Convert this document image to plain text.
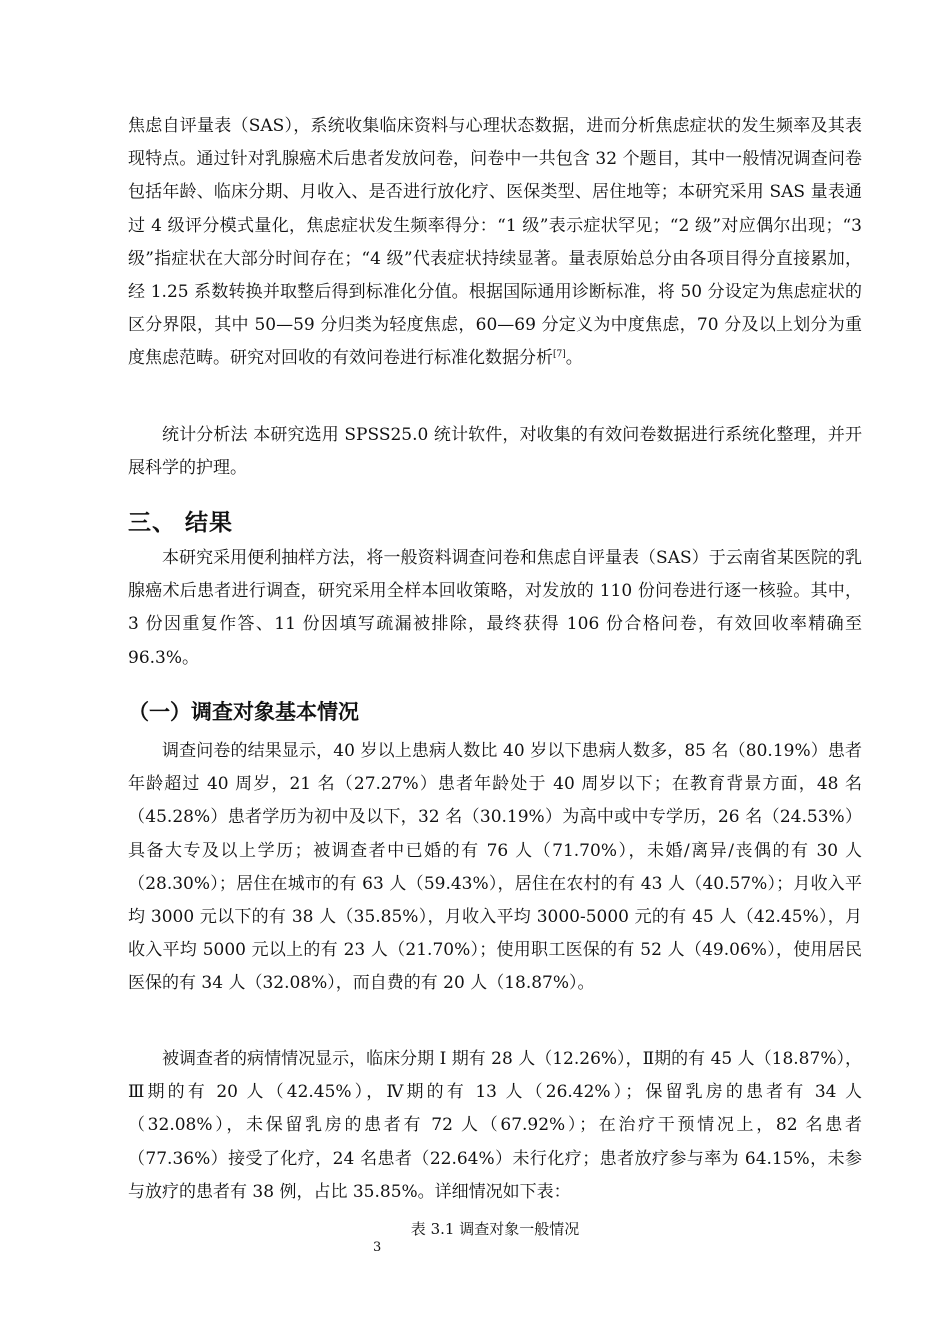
焦虑自评量表（SAS），系统收集临床资料与心理状态数据，进而分析焦虑症状的发生频率及其表现特点。通过针对乳腺癌术后患者发放问卷，问卷中一共包含 32 个题目，其中一般情况调查问卷包括年龄、临床分期、月收入、是否进行放化疗、医保类型、居住地等；本研究采用 SAS 量表通过 4 级评分模式量化，焦虑症状发生频率得分：“1 级”表示症状罕见；“2 级”对应偶尔出现；“3 级”指症状在大部分时间存在；“4 级”代表症状持续显著。量表原始总分由各项目得分直接累加，经 1.25 系数转换并取整后得到标准化分值。根据国际通用诊断标准，将 50 分设定为焦虑症状的区分界限，其中 50—59 分归类为轻度焦虑，60—69 分定义为中度焦虑，70 分及以上划分为重度焦虑范畴。研究对回收的有效问卷进行标准化数据分析[7]。

统计分析法 本研究选用 SPSS25.0 统计软件，对收集的有效问卷数据进行系统化整理，并开展科学的护理。

三、 结果

本研究采用便利抽样方法，将一般资料调查问卷和焦虑自评量表（SAS）于云南省某医院的乳腺癌术后患者进行调查，研究采用全样本回收策略，对发放的 110 份问卷进行逐一核验。其中，3 份因重复作答、11 份因填写疏漏被排除，最终获得 106 份合格问卷，有效回收率精确至 96.3%。

（一）调查对象基本情况

调查问卷的结果显示，40 岁以上患病人数比 40 岁以下患病人数多，85 名（80.19%）患者年龄超过 40 周岁，21 名（27.27%）患者年龄处于 40 周岁以下；在教育背景方面，48 名（45.28%）患者学历为初中及以下，32 名（30.19%）为高中或中专学历，26 名（24.53%）具备大专及以上学历；被调查者中已婚的有 76 人（71.70%），未婚/离异/丧偶的有 30 人（28.30%）；居住在城市的有 63 人（59.43%），居住在农村的有 43 人（40.57%）；月收入平均 3000 元以下的有 38 人（35.85%），月收入平均 3000-5000 元的有 45 人（42.45%），月收入平均 5000 元以上的有 23 人（21.70%）；使用职工医保的有 52 人（49.06%），使用居民医保的有 34 人（32.08%），而自费的有 20 人（18.87%）。

被调查者的病情情况显示，临床分期 I 期有 28 人（12.26%），Ⅱ期的有 45 人（18.87%），Ⅲ期的有 20 人（42.45%），Ⅳ期的有 13 人（26.42%）；保留乳房的患者有 34 人（32.08%），未保留乳房的患者有 72 人（67.92%）；在治疗干预情况上，82 名患者（77.36%）接受了化疗，24 名患者（22.64%）未行化疗；患者放疗参与率为 64.15%，未参与放疗的患者有 38 例，占比 35.85%。详细情况如下表：

表 3.1 调查对象一般情况

3
